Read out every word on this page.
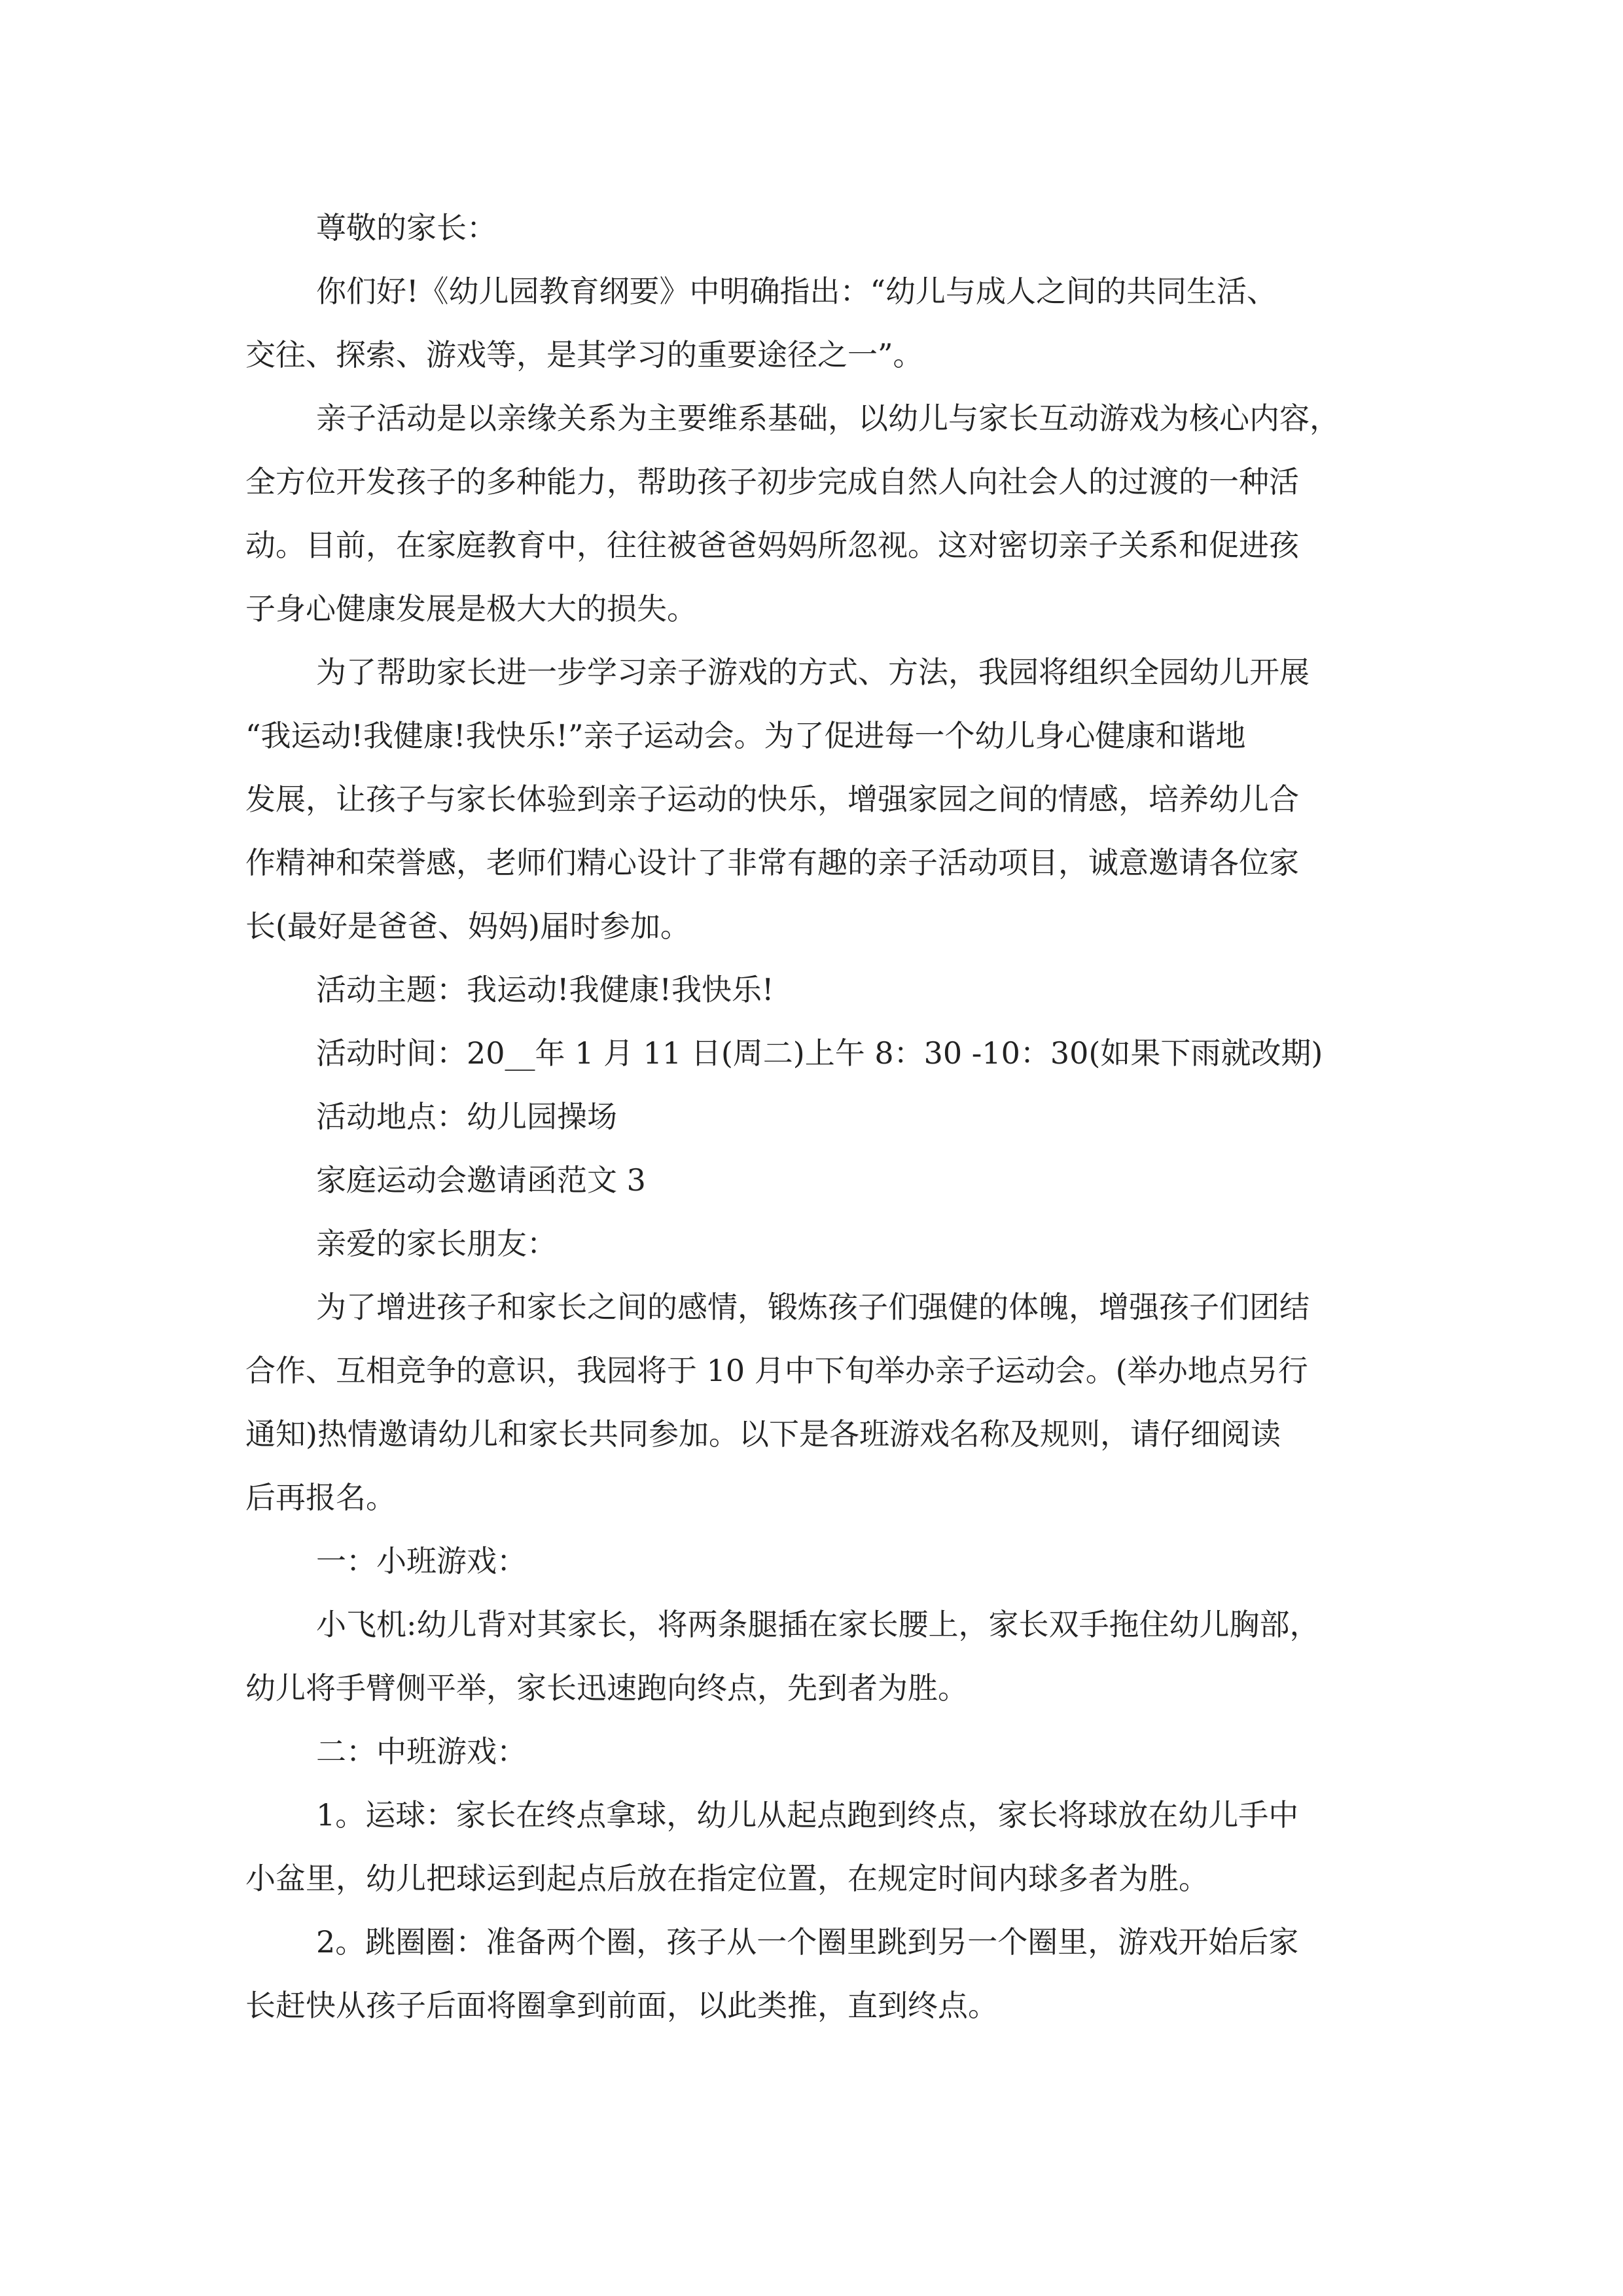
尊敬的家长：

你们好!《幼儿园教育纲要》中明确指出：“幼儿与成人之间的共同生活、
交往、探索、游戏等，是其学习的重要途径之一”。

亲子活动是以亲缘关系为主要维系基础，以幼儿与家长互动游戏为核心内容，
全方位开发孩子的多种能力，帮助孩子初步完成自然人向社会人的过渡的一种活
动。目前，在家庭教育中，往往被爸爸妈妈所忽视。这对密切亲子关系和促进孩
子身心健康发展是极大大的损失。

为了帮助家长进一步学习亲子游戏的方式、方法，我园将组织全园幼儿开展
“我运动!我健康!我快乐!”亲子运动会。为了促进每一个幼儿身心健康和谐地
发展，让孩子与家长体验到亲子运动的快乐，增强家园之间的情感，培养幼儿合
作精神和荣誉感，老师们精心设计了非常有趣的亲子活动项目，诚意邀请各位家
长(最好是爸爸、妈妈)届时参加。

活动主题：我运动!我健康!我快乐!

活动时间：20__年 1 月 11 日(周二)上午 8：30 -10：30(如果下雨就改期)

活动地点：幼儿园操场

家庭运动会邀请函范文 3

亲爱的家长朋友：

为了增进孩子和家长之间的感情，锻炼孩子们强健的体魄，增强孩子们团结
合作、互相竞争的意识，我园将于 10 月中下旬举办亲子运动会。(举办地点另行
通知)热情邀请幼儿和家长共同参加。以下是各班游戏名称及规则，请仔细阅读
后再报名。

一：小班游戏：

小飞机:幼儿背对其家长，将两条腿插在家长腰上，家长双手拖住幼儿胸部，
幼儿将手臂侧平举，家长迅速跑向终点，先到者为胜。

二：中班游戏：

1。运球：家长在终点拿球，幼儿从起点跑到终点，家长将球放在幼儿手中
小盆里，幼儿把球运到起点后放在指定位置，在规定时间内球多者为胜。

2。跳圈圈：准备两个圈，孩子从一个圈里跳到另一个圈里，游戏开始后家
长赶快从孩子后面将圈拿到前面，以此类推，直到终点。
